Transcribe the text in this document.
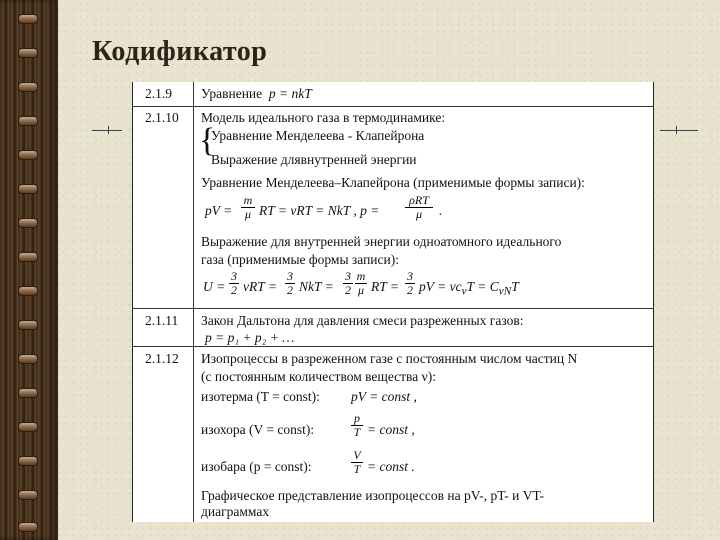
Кодификатор
2.1.9 Уравнение p = nkT
2.1.10 Модель идеального газа в термодинамике:
{
Уравнение Менделеева - Клапейрона
Выражение длявнутренней энергии
Уравнение Менделеева–Клапейрона (применимые формы записи):
pV = $\frac{m}{\mu}$ RT = νRT = NkT , p =
ρRT
μ	.
Выражение для внутренней энергии одноатомного идеального
газа (применимые формы записи):
$U = \frac{3}{2}$ $\nu RT = \frac{3}{2}$ NkT = $\frac{3}{2} \frac{m}{\mu}$ RT = $\frac{3}{2}$ pV = $\nu c_\nu T = C_{\nu N}T$
2.1.11 Закон Дальтона для давления смеси разреженных газов:
p = p₁ + p₂ + …
2.1.12 Изопроцессы в разреженном газе с постоянным числом частиц N
(с постоянным количеством вещества ν):
изотерма (T = const): pV = const ,
изохора (V = const):	$\frac{p}{T}$ = const ,
изобара (p = const):	$\frac{V}{T}$ = const .
Графическое представление изопроцессов на pV-, pT- и VT-
диаграммах
